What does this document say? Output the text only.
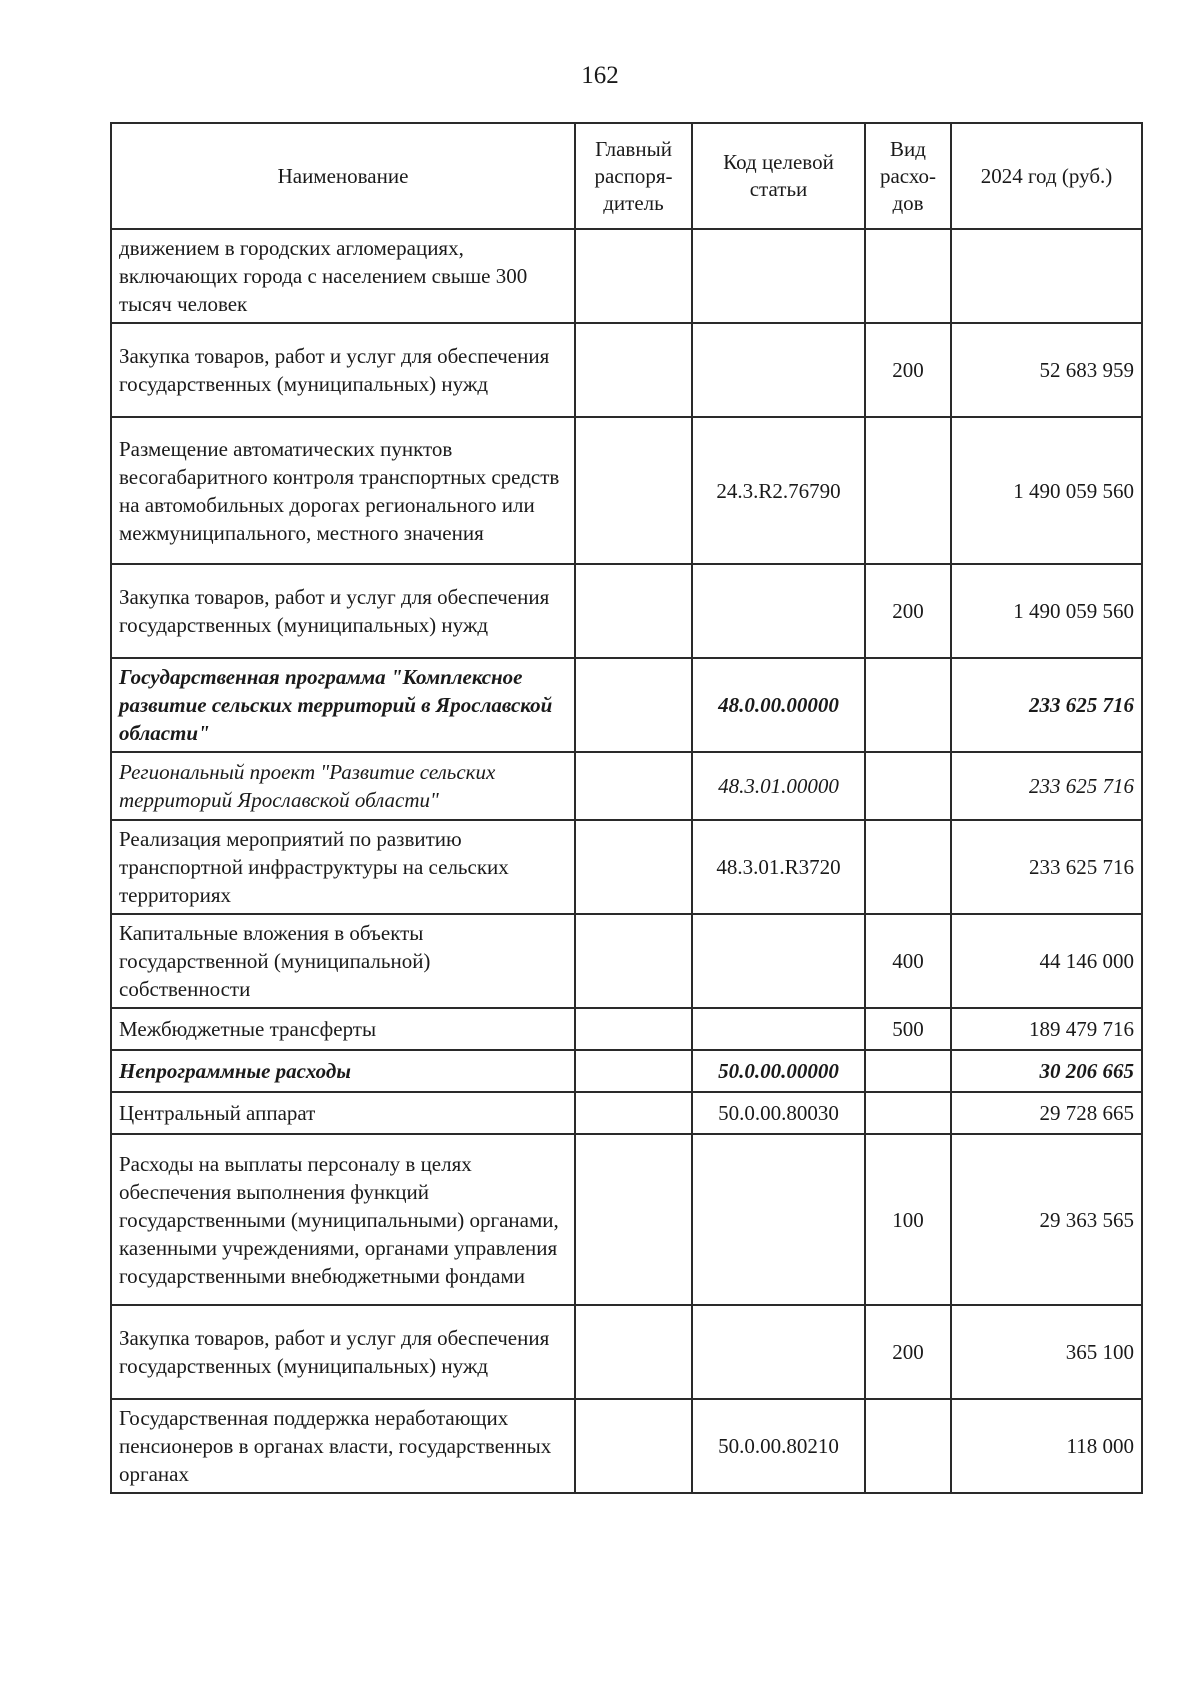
162
Наименование	Главный распоря-дитель	Код целевой статьи	Вид расхо-дов	2024 год (руб.)
движением в городских агломерациях, включающих города с населением свыше 300 тысяч человек				
Закупка товаров, работ и услуг для обеспечения государственных (муниципальных) нужд			200	52 683 959
Размещение автоматических пунктов весогабаритного контроля транспортных средств на автомобильных дорогах регионального или межмуниципального, местного значения		24.3.R2.76790		1 490 059 560
Закупка товаров, работ и услуг для обеспечения государственных (муниципальных) нужд			200	1 490 059 560
Государственная программа "Комплексное развитие сельских территорий в Ярославской области"		48.0.00.00000		233 625 716
Региональный проект "Развитие сельских территорий Ярославской области"		48.3.01.00000		233 625 716
Реализация мероприятий по развитию транспортной инфраструктуры на сельских территориях		48.3.01.R3720		233 625 716
Капитальные вложения в объекты государственной (муниципальной) собственности			400	44 146 000
Межбюджетные трансферты			500	189 479 716
Непрограммные расходы		50.0.00.00000		30 206 665
Центральный аппарат		50.0.00.80030		29 728 665
Расходы на выплаты персоналу в целях обеспечения выполнения функций государственными (муниципальными) органами, казенными учреждениями, органами управления государственными внебюджетными фондами			100	29 363 565
Закупка товаров, работ и услуг для обеспечения государственных (муниципальных) нужд			200	365 100
Государственная поддержка неработающих пенсионеров в органах власти, государственных органах		50.0.00.80210		118 000
